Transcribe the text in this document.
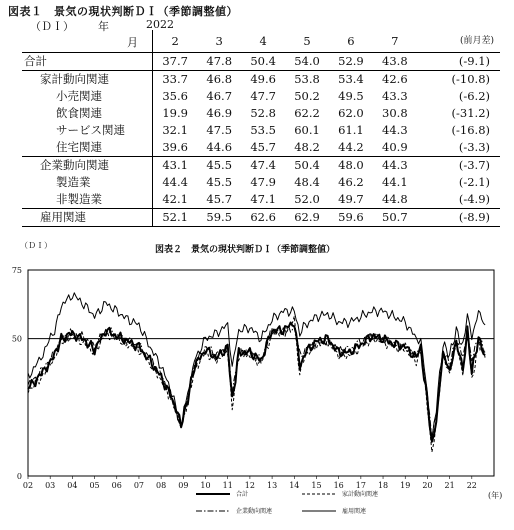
図表１　景気の現状判断ＤＩ（季節調整値）
（ＤＩ） 年	2022
月
		2	3	4	5	6	7	(前月差)
合計	37.7	47.8	50.4	54.0	52.9	43.8	(-9.1)
家計動向関連	33.7	46.8	49.6	53.8	53.4	42.6	(-10.8)
小売関連	35.6	46.7	47.7	50.2	49.5	43.3	(-6.2)
飲食関連	19.9	46.9	52.8	62.2	62.0	30.8	(-31.2)
サービス関連	32.1	47.5	53.5	60.1	61.1	44.3	(-16.8)
住宅関連	39.6	44.6	45.7	48.2	44.2	40.9	(-3.3)
企業動向関連	43.1	45.5	47.4	50.4	48.0	44.3	(-3.7)
製造業	44.4	45.5	47.9	48.4	46.2	44.1	(-2.1)
非製造業	42.1	45.7	47.1	52.0	49.7	44.8	(-4.9)
雇用関連	52.1	59.5	62.6	62.9	59.6	50.7	(-8.9)
（ＤＩ）	図表２　景気の現状判断ＤＩ（季節調整値）
0
50
75
02 03 04 05 06 07 08 09 10 11 12 13 14 15 16 17 18 19 20 21 22
(年)
合計	家計動向関連
企業動向関連	雇用関連
